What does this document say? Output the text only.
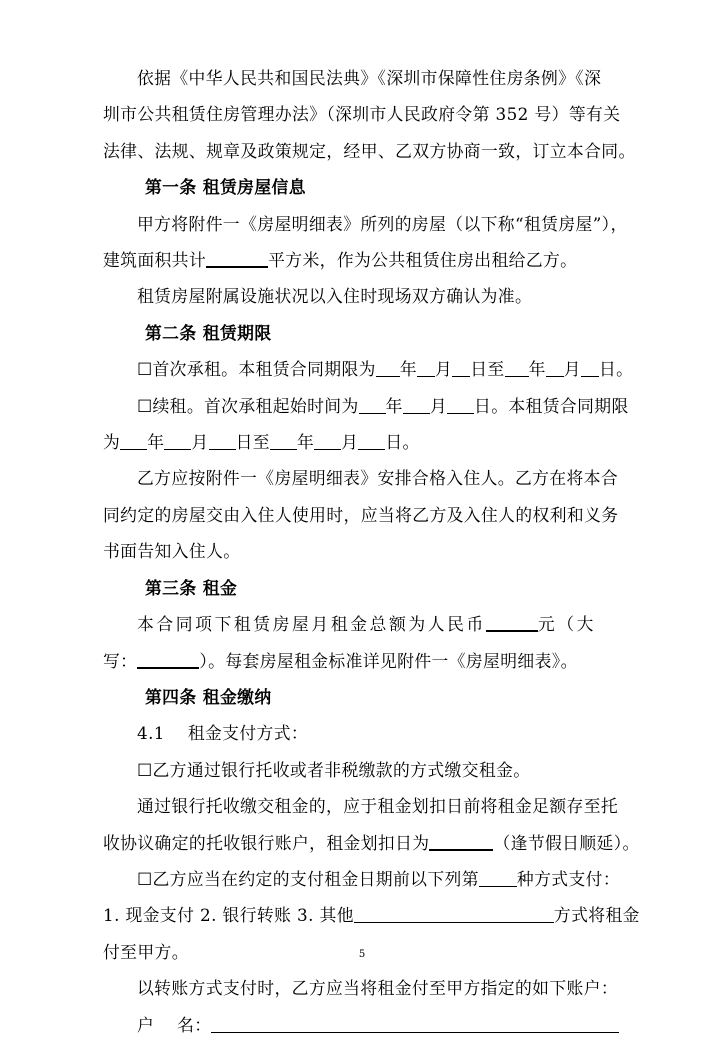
依据《中华人民共和国民法典》《深圳市保障性住房条例》《深
圳市公共租赁住房管理办法》（深圳市人民政府令第 352 号）等有关
法律、法规、规章及政策规定，经甲、乙双方协商一致，订立本合同。
第一条 租赁房屋信息
甲方将附件一《房屋明细表》所列的房屋（以下称“租赁房屋”），
建筑面积共计	平方米，作为公共租赁住房出租给乙方。
租赁房屋附属设施状况以入住时现场双方确认为准。
第二条 租赁期限
☐首次承租。本租赁合同期限为 年 月 日至 年 月 日。
☐续租。首次承租起始时间为 年 月 日。本租赁合同期限
为 年 月 日至 年 月 日。
乙方应按附件一《房屋明细表》安排合格入住人。乙方在将本合
同约定的房屋交由入住人使用时，应当将乙方及入住人的权利和义务
书面告知入住人。
第三条 租金
本合同项下租赁房屋月租金总额为人民币	元（大
写：	）。每套房屋租金标准详见附件一《房屋明细表》。
第四条 租金缴纳
4.1    租金支付方式：
☐乙方通过银行托收或者非税缴款的方式缴交租金。
通过银行托收缴交租金的，应于租金划扣日前将租金足额存至托
收协议确定的托收银行账户，租金划扣日为	（逢节假日顺延）。
☐乙方应当在约定的支付租金日期前以下列第 种方式支付：
1. 现金支付 2. 银行转账 3. 其他	方式将租金
付至甲方。
以转账方式支付时，乙方应当将租金付至甲方指定的如下账户：
户    名：
5
